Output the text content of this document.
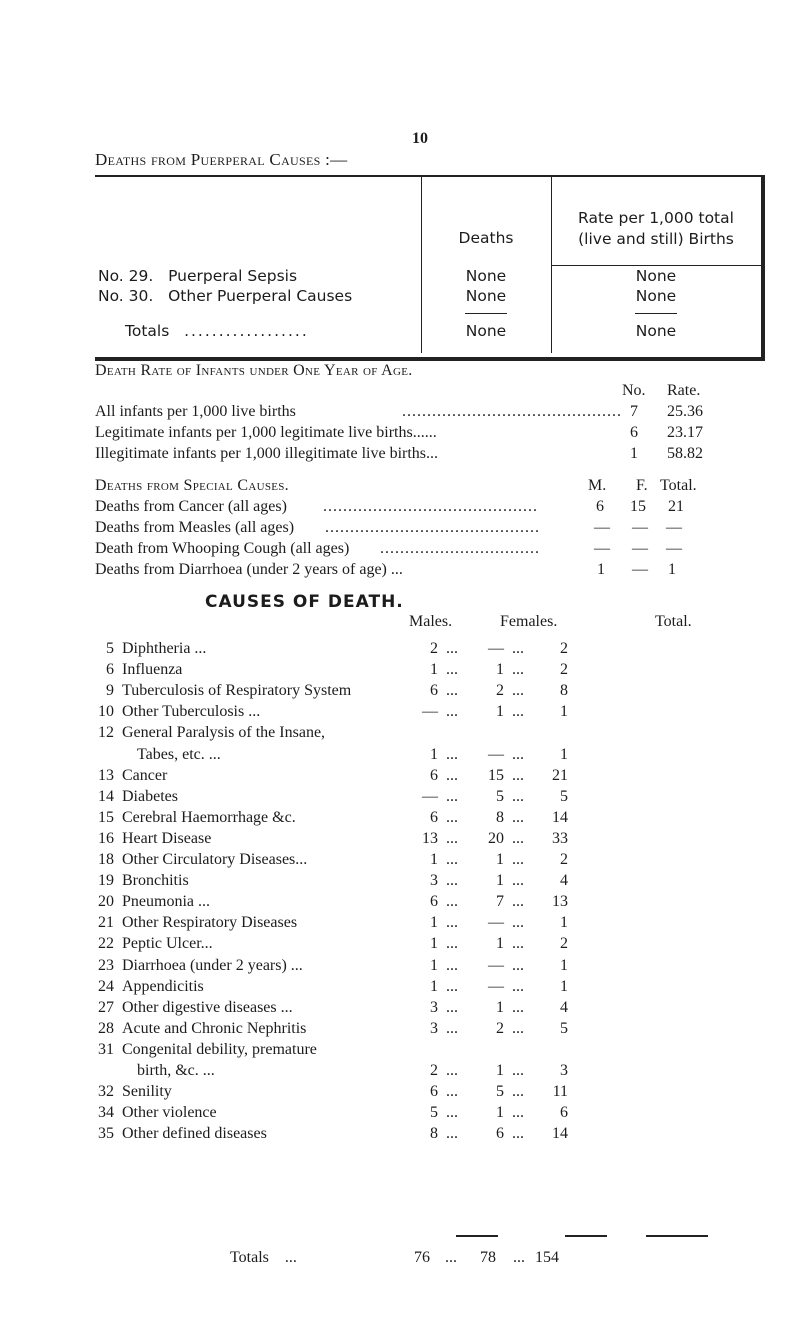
10
Deaths from Puerperal Causes :—
Deaths
Rate per 1,000 total
(live and still) Births
No. 29.   Puerperal Sepsis	None	None
No. 30.   Other Puerperal Causes	None	None
Totals ..................	None	None
Death Rate of Infants under One Year of Age.
No. Rate.
All infants per 1,000 live births	............................................ 7 25.36
Legitimate infants per 1,000 legitimate live births......	6 23.17
Illegitimate infants per 1,000 illegitimate live births...	1 58.82
Deaths from Special Causes.	M. F. Total.
Deaths from Cancer (all ages) ...........................................	6 15 21
Deaths from Measles (all ages) ...........................................	— — —
Death from Whooping Cough (all ages) ................................	— — —
Deaths from Diarrhoea (under 2 years of age) ...	1 — 1
CAUSES OF DEATH.
Males.	Females.	Total.
5 Diphtheria ...	2 ...	— ...	2
6 Influenza	1 ...	1 ...	2
9 Tuberculosis of Respiratory System	6 ...	2 ...	8
10 Other Tuberculosis ...	— ...	1 ...	1
12 General Paralysis of the Insane,
Tabes, etc. ...	1 ...	— ...	1
13 Cancer	6 ...	15 ...	21
14 Diabetes	— ...	5 ...	5
15 Cerebral Haemorrhage &c.	6 ...	8 ...	14
16 Heart Disease	13 ...	20 ...	33
18 Other Circulatory Diseases...	1 ...	1 ...	2
19 Bronchitis	3 ...	1 ...	4
20 Pneumonia ...	6 ...	7 ...	13
21 Other Respiratory Diseases	1 ...	— ...	1
22 Peptic Ulcer...	1 ...	1 ...	2
23 Diarrhoea (under 2 years) ...	1 ...	— ...	1
24 Appendicitis	1 ...	— ...	1
27 Other digestive diseases ...	3 ...	1 ...	4
28 Acute and Chronic Nephritis	3 ...	2 ...	5
31 Congenital debility, premature
birth, &c. ...	2 ...	1 ...	3
32 Senility	6 ...	5 ...	11
34 Other violence	5 ...	1 ...	6
35 Other defined diseases	8 ...	6 ...	14
Totals    ...	76 ... 78 ... 154
